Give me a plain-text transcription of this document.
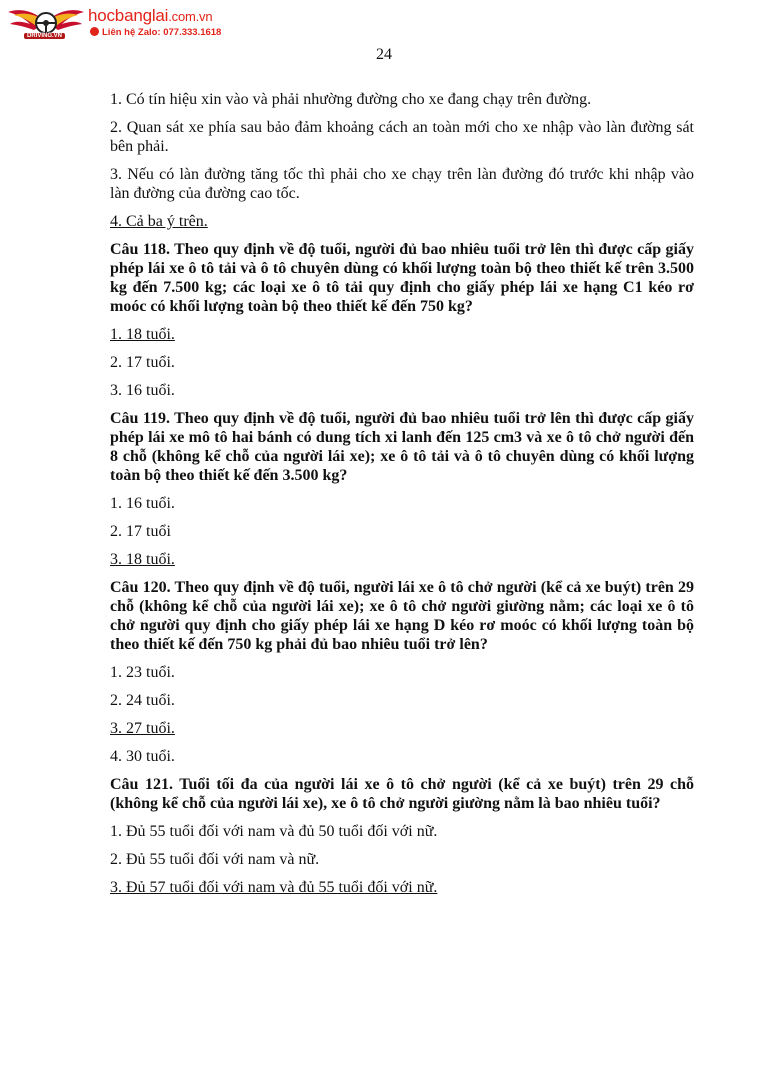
DRIVING.VN
hocbanglai.com.vn
Liên hệ Zalo: 077.333.1618
24

1. Có tín hiệu xin vào và phải nhường đường cho xe đang chạy trên đường.

2. Quan sát xe phía sau bảo đảm khoảng cách an toàn mới cho xe nhập vào làn đường sát bên phải.

3. Nếu có làn đường tăng tốc thì phải cho xe chạy trên làn đường đó trước khi nhập vào làn đường của đường cao tốc.

4. Cả ba ý trên.

Câu 118. Theo quy định về độ tuổi, người đủ bao nhiêu tuổi trở lên thì được cấp giấy phép lái xe ô tô tải và ô tô chuyên dùng có khối lượng toàn bộ theo thiết kế trên 3.500 kg đến 7.500 kg; các loại xe ô tô tải quy định cho giấy phép lái xe hạng C1 kéo rơ moóc có khối lượng toàn bộ theo thiết kế đến 750 kg?

1. 18 tuổi.

2. 17 tuổi.

3. 16 tuổi.

Câu 119. Theo quy định về độ tuổi, người đủ bao nhiêu tuổi trở lên thì được cấp giấy phép lái xe mô tô hai bánh có dung tích xi lanh đến 125 cm3 và xe ô tô chở người đến 8 chỗ (không kể chỗ của người lái xe); xe ô tô tải và ô tô chuyên dùng có khối lượng toàn bộ theo thiết kế đến 3.500 kg?

1. 16 tuổi.

2. 17 tuổi

3. 18 tuổi.

Câu 120. Theo quy định về độ tuổi, người lái xe ô tô chở người (kể cả xe buýt) trên 29 chỗ (không kể chỗ của người lái xe); xe ô tô chở người giường nằm; các loại xe ô tô chở người quy định cho giấy phép lái xe hạng D kéo rơ moóc có khối lượng toàn bộ theo thiết kế đến 750 kg phải đủ bao nhiêu tuổi trở lên?

1. 23 tuổi.

2. 24 tuổi.

3. 27 tuổi.

4. 30 tuổi.

Câu 121. Tuổi tối đa của người lái xe ô tô chở người (kể cả xe buýt) trên 29 chỗ (không kể chỗ của người lái xe), xe ô tô chở người giường nằm là bao nhiêu tuổi?

1. Đủ 55 tuổi đối với nam và đủ 50 tuổi đối với nữ.

2. Đủ 55 tuổi đối với nam và nữ.

3. Đủ 57 tuổi đối với nam và đủ 55 tuổi đối với nữ.
